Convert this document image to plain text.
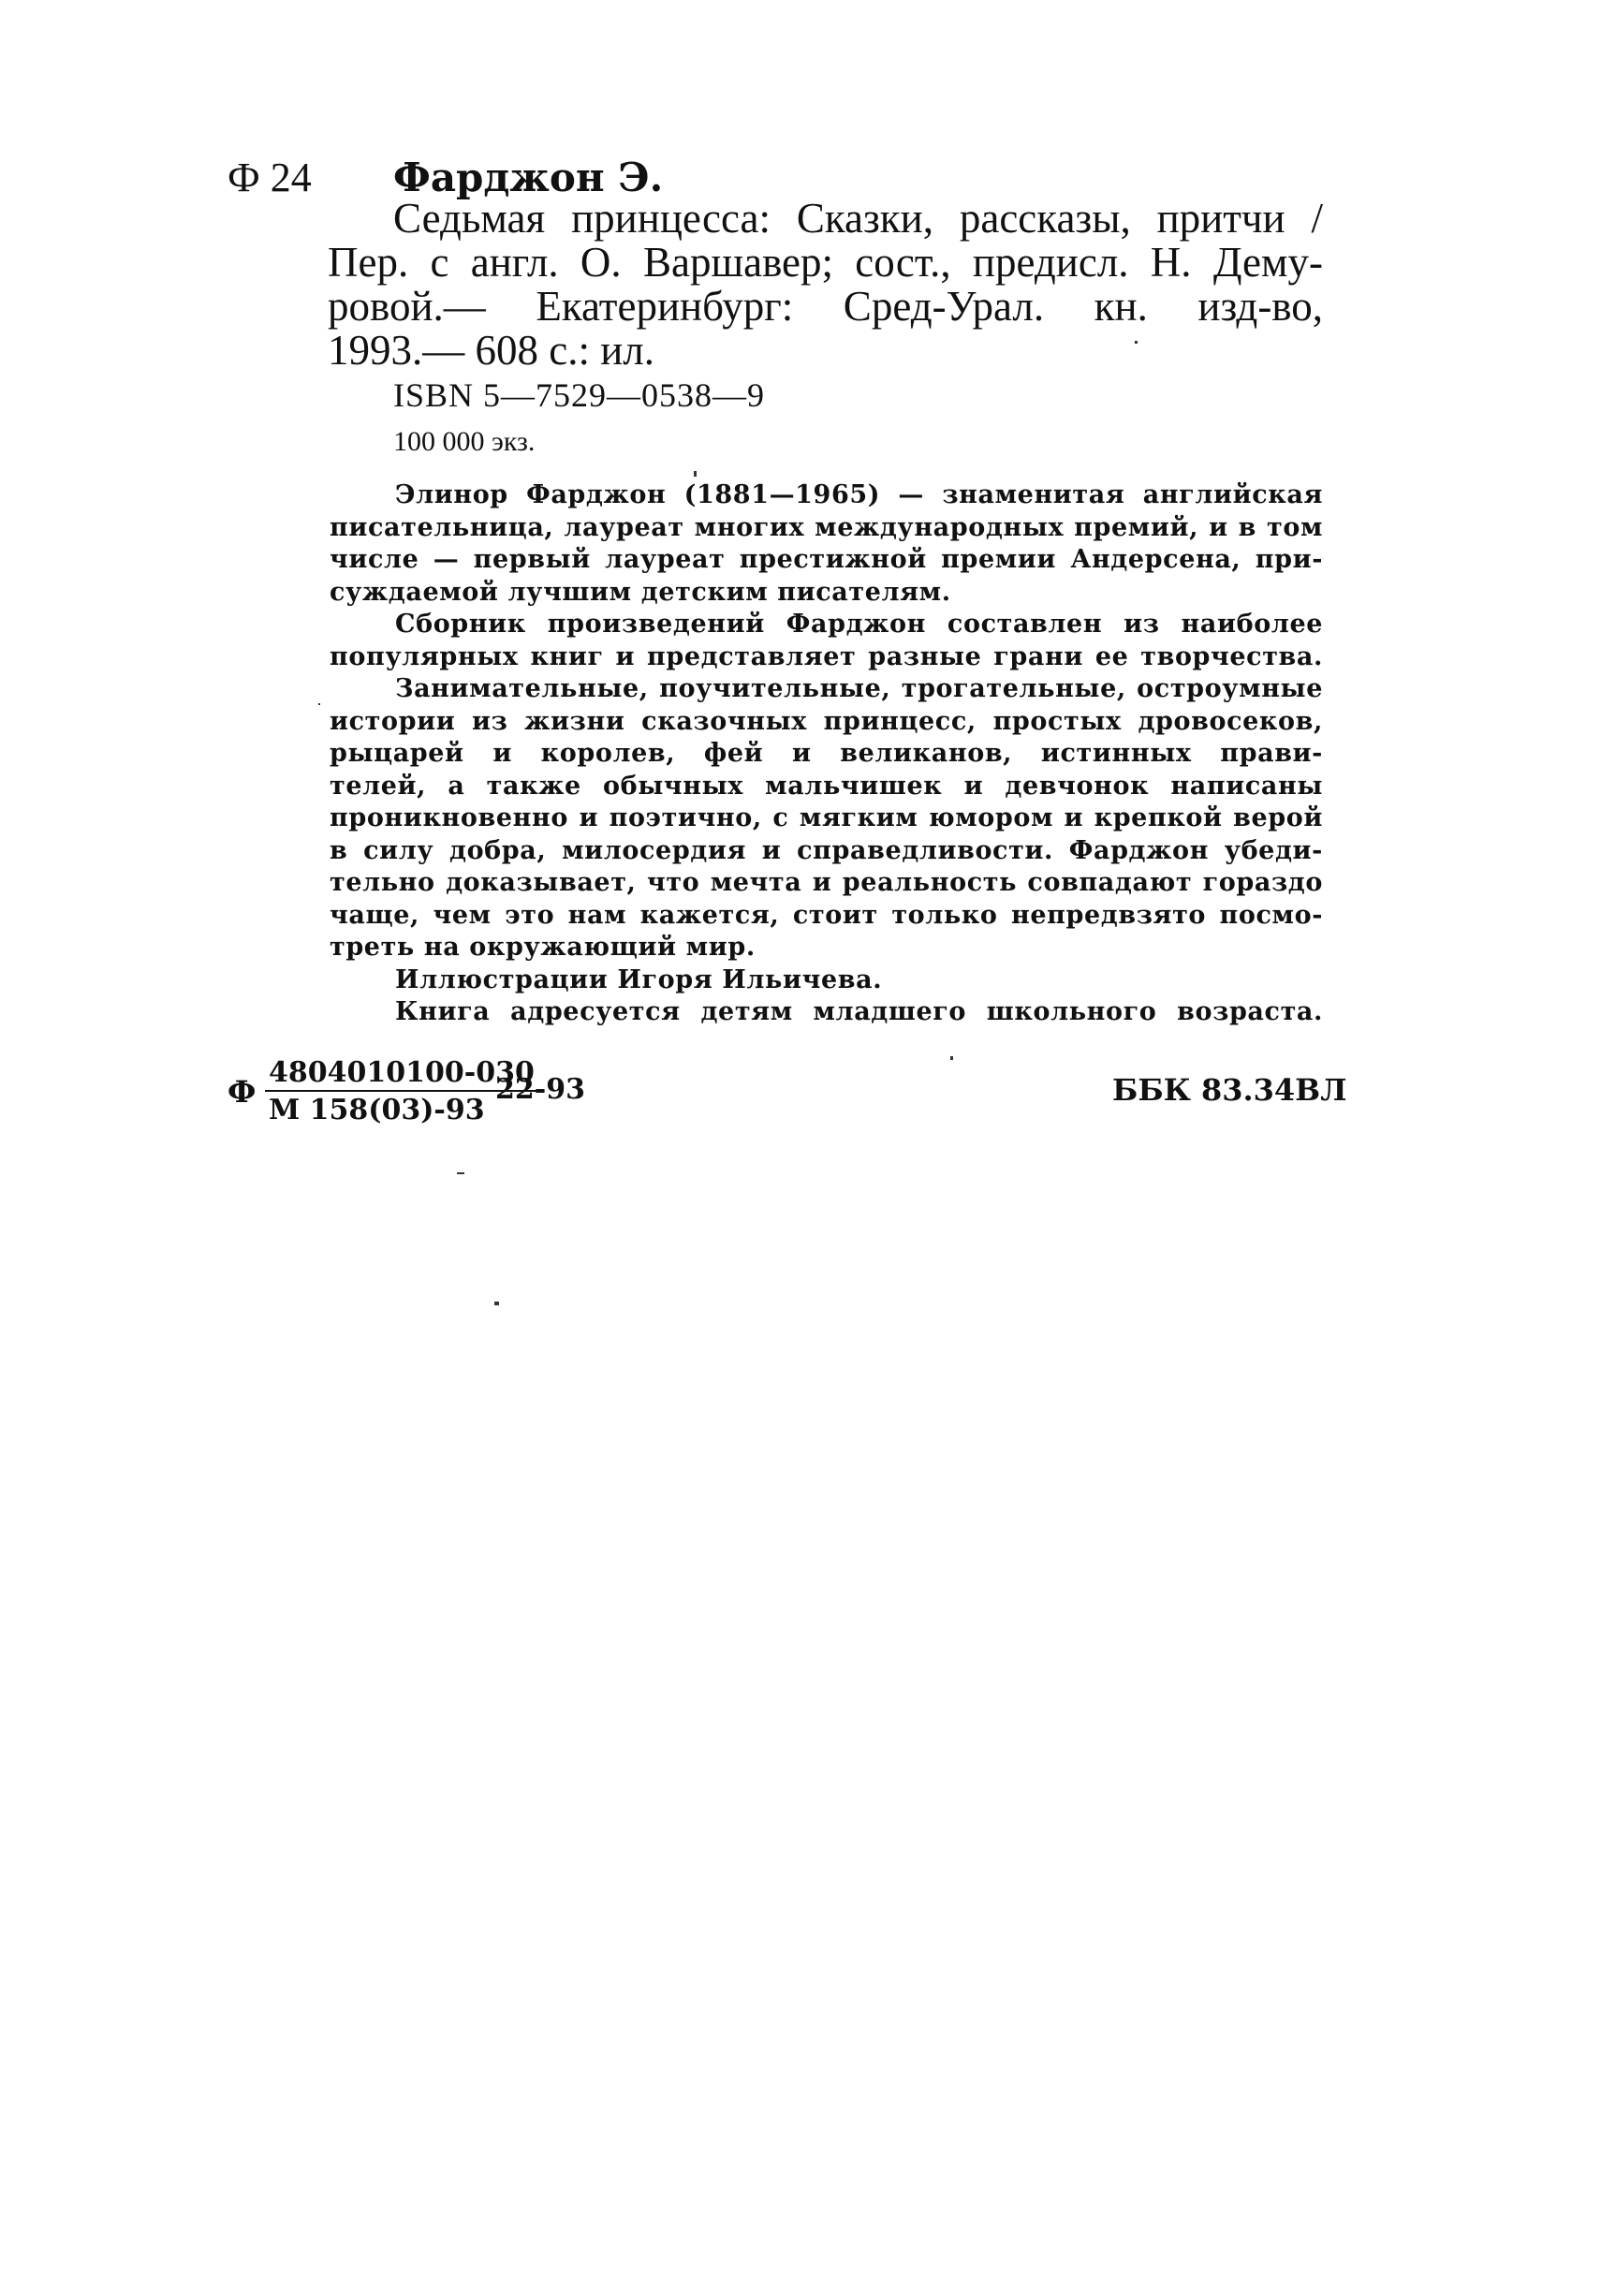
Ф 24 Фарджон Э.
Седьмая принцесса: Сказки, рассказы, притчи /
Пер. с англ. О. Варшавер; сост., предисл. Н. Дему-
ровой.— Екатеринбург: Сред-Урал. кн. изд-во,
1993.— 608 с.: ил.
ISBN 5—7529—0538—9
100 000 экз.
Элинор Фарджон (1881—1965) — знаменитая английская
писательница, лауреат многих международных премий, и в том
числе — первый лауреат престижной премии Андерсена, при-
суждаемой лучшим детским писателям.
Сборник произведений Фарджон составлен из наиболее
популярных книг и представляет разные грани ее творчества.
Занимательные, поучительные, трогательные, остроумные
истории из жизни сказочных принцесс, простых дровосеков,
рыцарей и королев, фей и великанов, истинных прави-
телей, а также обычных мальчишек и девчонок написаны
проникновенно и поэтично, с мягким юмором и крепкой верой
в силу добра, милосердия и справедливости. Фарджон убеди-
тельно доказывает, что мечта и реальность совпадают гораздо
чаще, чем это нам кажется, стоит только непредвзято посмо-
треть на окружающий мир.
Иллюстрации Игоря Ильичева.
Книга адресуется детям младшего школьного возраста.
Ф
4804010100-030
М 158(03)-93
22-93	ББК 83.34ВЛ
